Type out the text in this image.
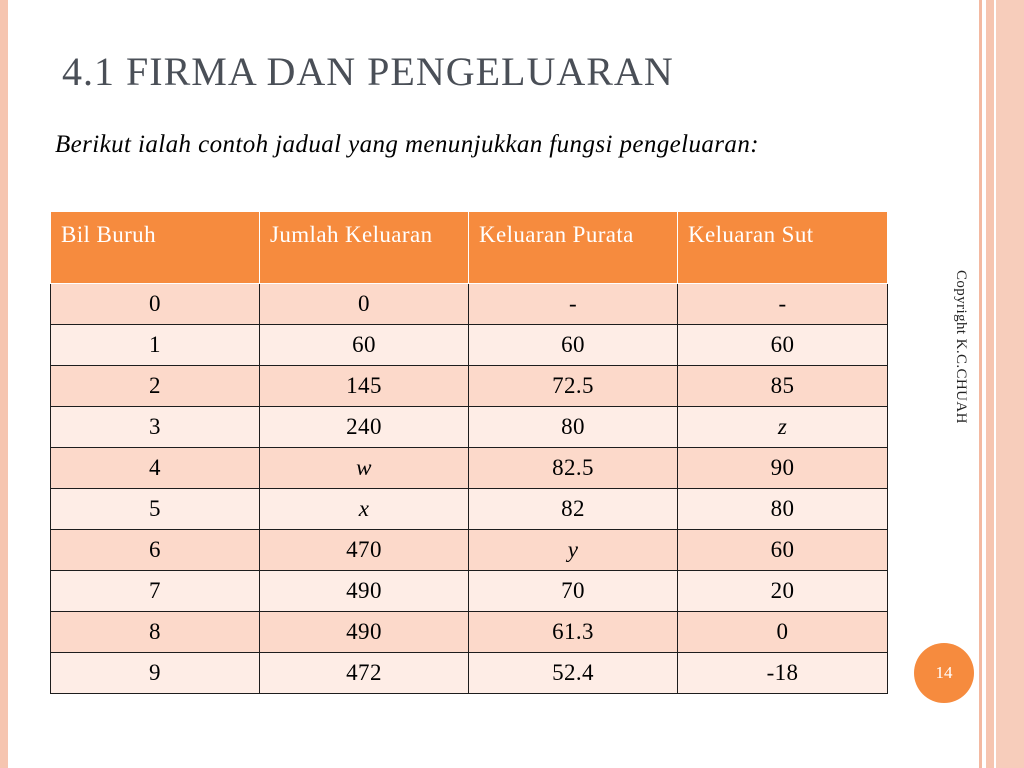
4.1 FIRMA DAN PENGELUARAN

Berikut ialah contoh jadual yang menunjukkan fungsi pengeluaran:

Bil Buruh	Jumlah Keluaran	Keluaran Purata	Keluaran Sut
0	0	-	-
1	60	60	60
2	145	72.5	85
3	240	80	z
4	w	82.5	90
5	x	82	80
6	470	y	60
7	490	70	20
8	490	61.3	0
9	472	52.4	-18
Copyright K.C.CHUAH
14
